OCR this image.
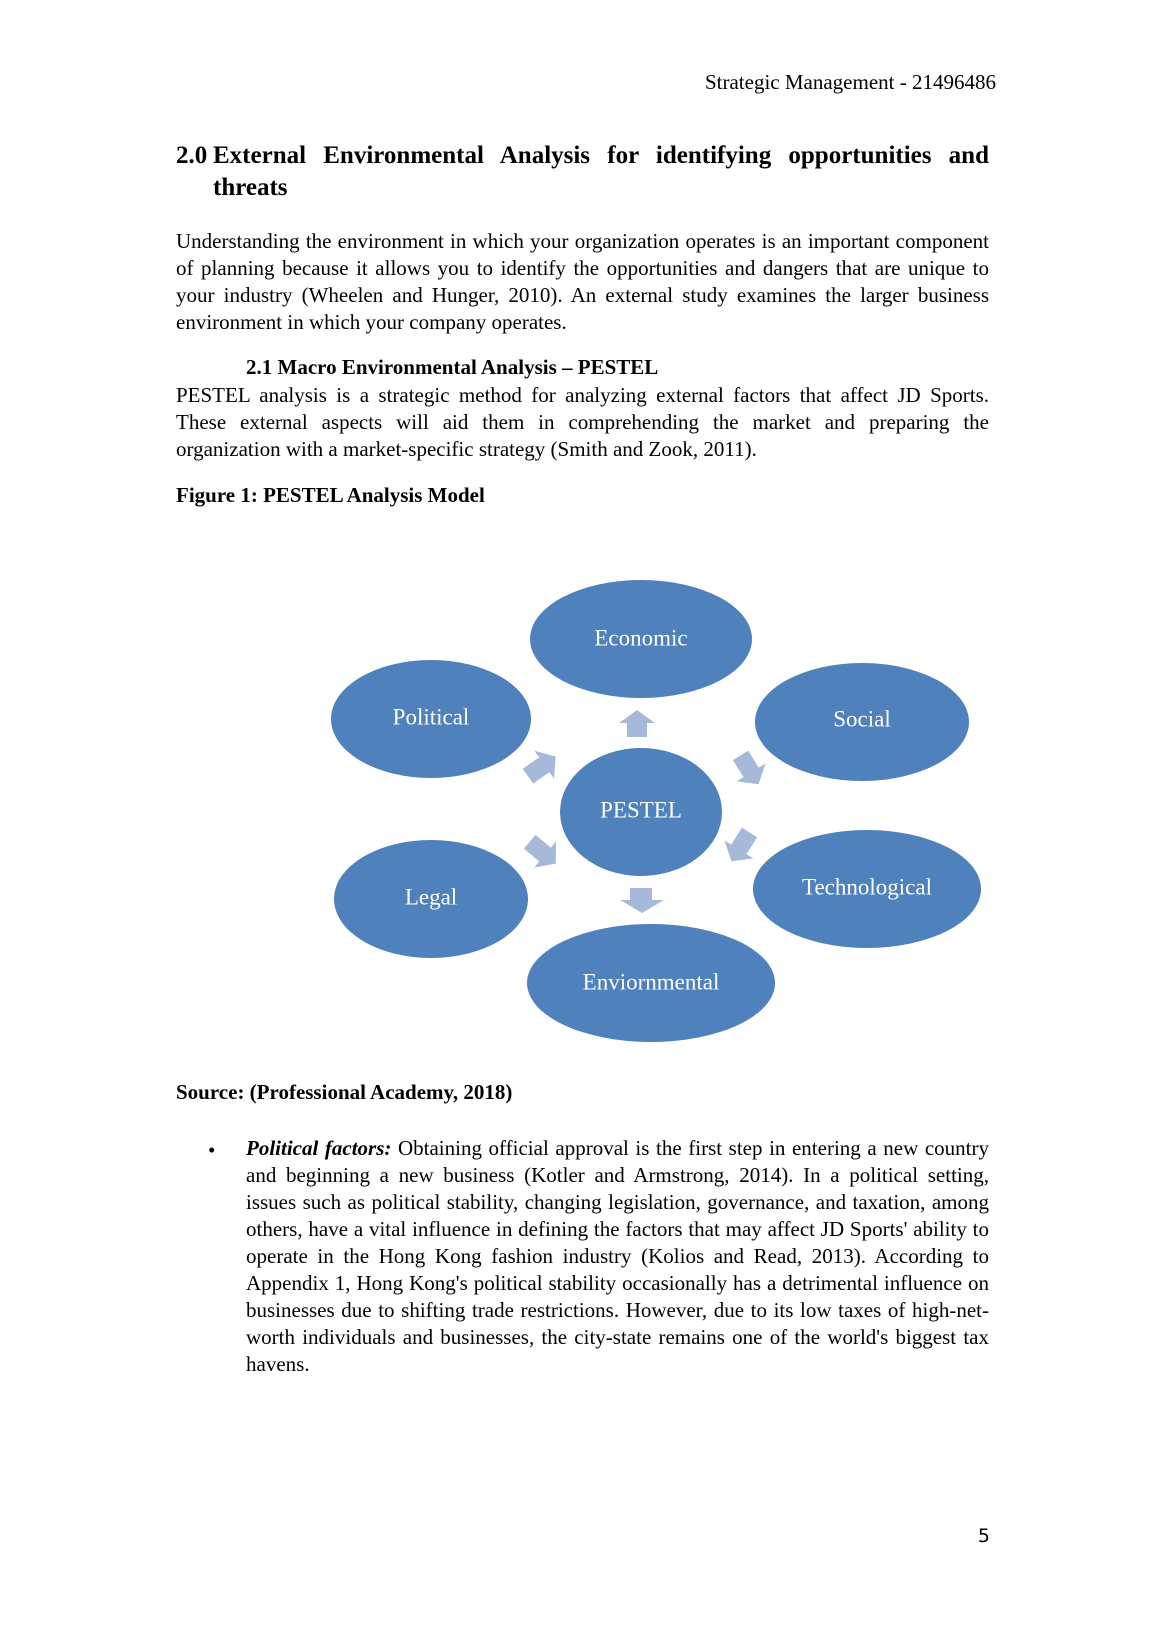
Strategic Management - 21496486
2.0 External Environmental Analysis for identifying opportunities and threats
Understanding the environment in which your organization operates is an important component of planning because it allows you to identify the opportunities and dangers that are unique to your industry (Wheelen and Hunger, 2010). An external study examines the larger business environment in which your company operates.
2.1 Macro Environmental Analysis – PESTEL
PESTEL analysis is a strategic method for analyzing external factors that affect JD Sports. These external aspects will aid them in comprehending the market and preparing the organization with a market-specific strategy (Smith and Zook, 2011).
Figure 1: PESTEL Analysis Model
Economic
Social
Technological
Enviornmental
Legal
Political
PESTEL
Source: (Professional Academy, 2018)
• Political factors: Obtaining official approval is the first step in entering a new country and beginning a new business (Kotler and Armstrong, 2014). In a political setting, issues such as political stability, changing legislation, governance, and taxation, among others, have a vital influence in defining the factors that may affect JD Sports' ability to operate in the Hong Kong fashion industry (Kolios and Read, 2013). According to Appendix 1, Hong Kong's political stability occasionally has a detrimental influence on businesses due to shifting trade restrictions. However, due to its low taxes of high-net-worth individuals and businesses, the city-state remains one of the world's biggest tax havens.
5
